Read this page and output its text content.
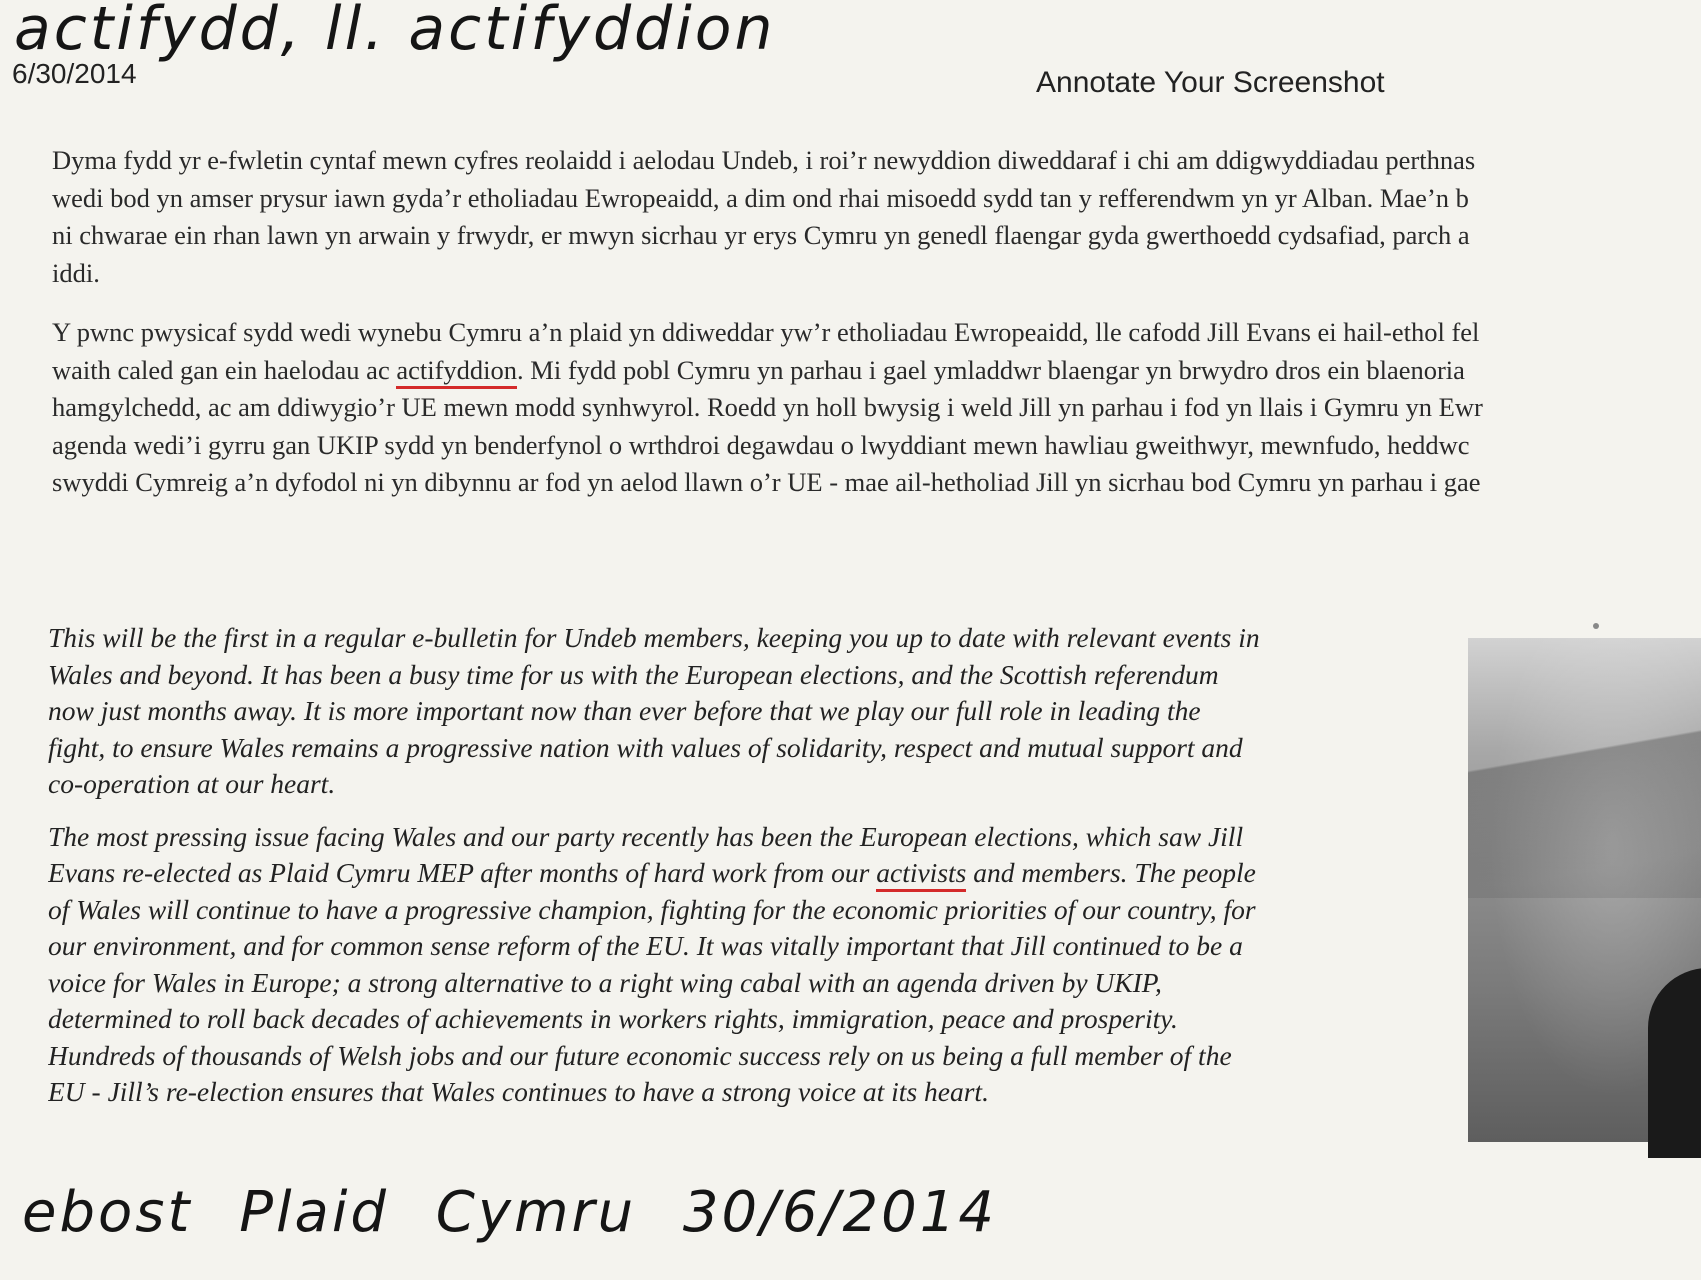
actifydd, ll. actifyddion
6/30/2014	Annotate Your Screenshot

Dyma fydd yr e-fwletin cyntaf mewn cyfres reolaidd i aelodau Undeb, i roi’r newyddion diweddaraf i chi am ddigwyddiadau perthnas
wedi bod yn amser prysur iawn gyda’r etholiadau Ewropeaidd, a dim ond rhai misoedd sydd tan y refferendwm yn yr Alban. Mae’n b
ni chwarae ein rhan lawn yn arwain y frwydr, er mwyn sicrhau yr erys Cymru yn genedl flaengar gyda gwerthoedd cydsafiad, parch a
iddi.

Y pwnc pwysicaf sydd wedi wynebu Cymru a’n plaid yn ddiweddar yw’r etholiadau Ewropeaidd, lle cafodd Jill Evans ei hail-ethol fel
waith caled gan ein haelodau ac actifyddion. Mi fydd pobl Cymru yn parhau i gael ymladdwr blaengar yn brwydro dros ein blaenoria
hamgylchedd, ac am ddiwygio’r UE mewn modd synhwyrol. Roedd yn holl bwysig i weld Jill yn parhau i fod yn llais i Gymru yn Ewr
agenda wedi’i gyrru gan UKIP sydd yn benderfynol o wrthdroi degawdau o lwyddiant mewn hawliau gweithwyr, mewnfudo, heddwc
swyddi Cymreig a’n dyfodol ni yn dibynnu ar fod yn aelod llawn o’r UE - mae ail-hetholiad Jill yn sicrhau bod Cymru yn parhau i gae

This will be the first in a regular e-bulletin for Undeb members, keeping you up to date with relevant events in
Wales and beyond. It has been a busy time for us with the European elections, and the Scottish referendum
now just months away. It is more important now than ever before that we play our full role in leading the
fight, to ensure Wales remains a progressive nation with values of solidarity, respect and mutual support and
co-operation at our heart.

The most pressing issue facing Wales and our party recently has been the European elections, which saw Jill
Evans re-elected as Plaid Cymru MEP after months of hard work from our activists and members. The people
of Wales will continue to have a progressive champion, fighting for the economic priorities of our country, for
our environment, and for common sense reform of the EU. It was vitally important that Jill continued to be a
voice for Wales in Europe; a strong alternative to a right wing cabal with an agenda driven by UKIP,
determined to roll back decades of achievements in workers rights, immigration, peace and prosperity.
Hundreds of thousands of Welsh jobs and our future economic success rely on us being a full member of the
EU - Jill’s re-election ensures that Wales continues to have a strong voice at its heart.

ebost Plaid Cymru 30/6/2014
